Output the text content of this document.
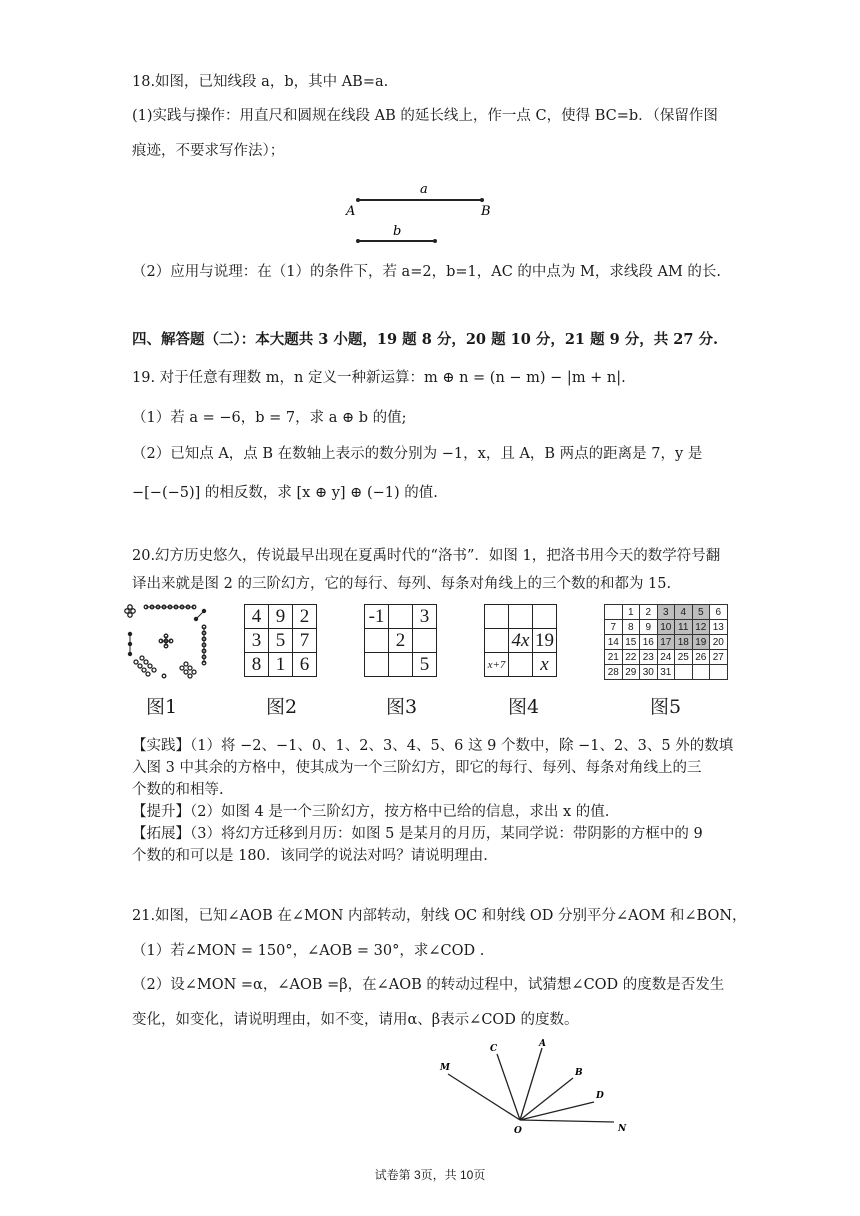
18.如图，已知线段 a，b，其中 AB=a.
(1)实践与操作：用直尺和圆规在线段 AB 的延长线上，作一点 C，使得 BC=b．（保留作图
痕迹，不要求写作法）；
a
A	B
b
（2）应用与说理：在（1）的条件下，若 a=2，b=1，AC 的中点为 M，求线段 AM 的长.
四、解答题（二）：本大题共 3 小题，19 题 8 分，20 题 10 分，21 题 9 分，共 27 分.
19. 对于任意有理数 m，n 定义一种新运算：m ⊕ n = (n − m) − |m + n|.
（1）若 a = −6，b = 7，求 a ⊕ b 的值;
（2）已知点 A，点 B 在数轴上表示的数分别为 −1，x，且 A，B 两点的距离是 7，y 是
−[−(−5)] 的相反数，求 [x ⊕ y] ⊕ (−1) 的值.
20.幻方历史悠久，传说最早出现在夏禹时代的“洛书”．如图 1，把洛书用今天的数学符号翻
译出来就是图 2 的三阶幻方，它的每行、每列、每条对角线上的三个数的和都为 15.
图1
4	9	2
3	5	7
8	1	6
图2
-1		3
	2	
		5
图3

	4x	19
x+7		x
图4
	1	2	3	4	5	6
7	8	9	10	11	12	13
14	15	16	17	18	19	20
21	22	23	24	25	26	27
28	29	30	31			
图5
【实践】（1）将 −2、−1、0、1、2、3、4、5、6 这 9 个数中，除 −1、2、3、5 外的数填
入图 3 中其余的方格中，使其成为一个三阶幻方，即它的每行、每列、每条对角线上的三
个数的和相等.
【提升】（2）如图 4 是一个三阶幻方，按方格中已给的信息，求出 x 的值.
【拓展】（3）将幻方迁移到月历：如图 5 是某月的月历，某同学说：带阴影的方框中的 9
个数的和可以是 180．该同学的说法对吗？请说明理由.
21.如图，已知∠AOB 在∠MON 内部转动，射线 OC 和射线 OD 分别平分∠AOM 和∠BON，
（1）若∠MON = 150°，∠AOB = 30°，求∠COD .
（2）设∠MON =α，∠AOB =β，在∠AOB 的转动过程中，试猜想∠COD 的度数是否发生
变化，如变化，请说明理由，如不变，请用α、β表示∠COD 的度数。
M
C	A
B
D
O	N
试卷第 3页，共 10页
